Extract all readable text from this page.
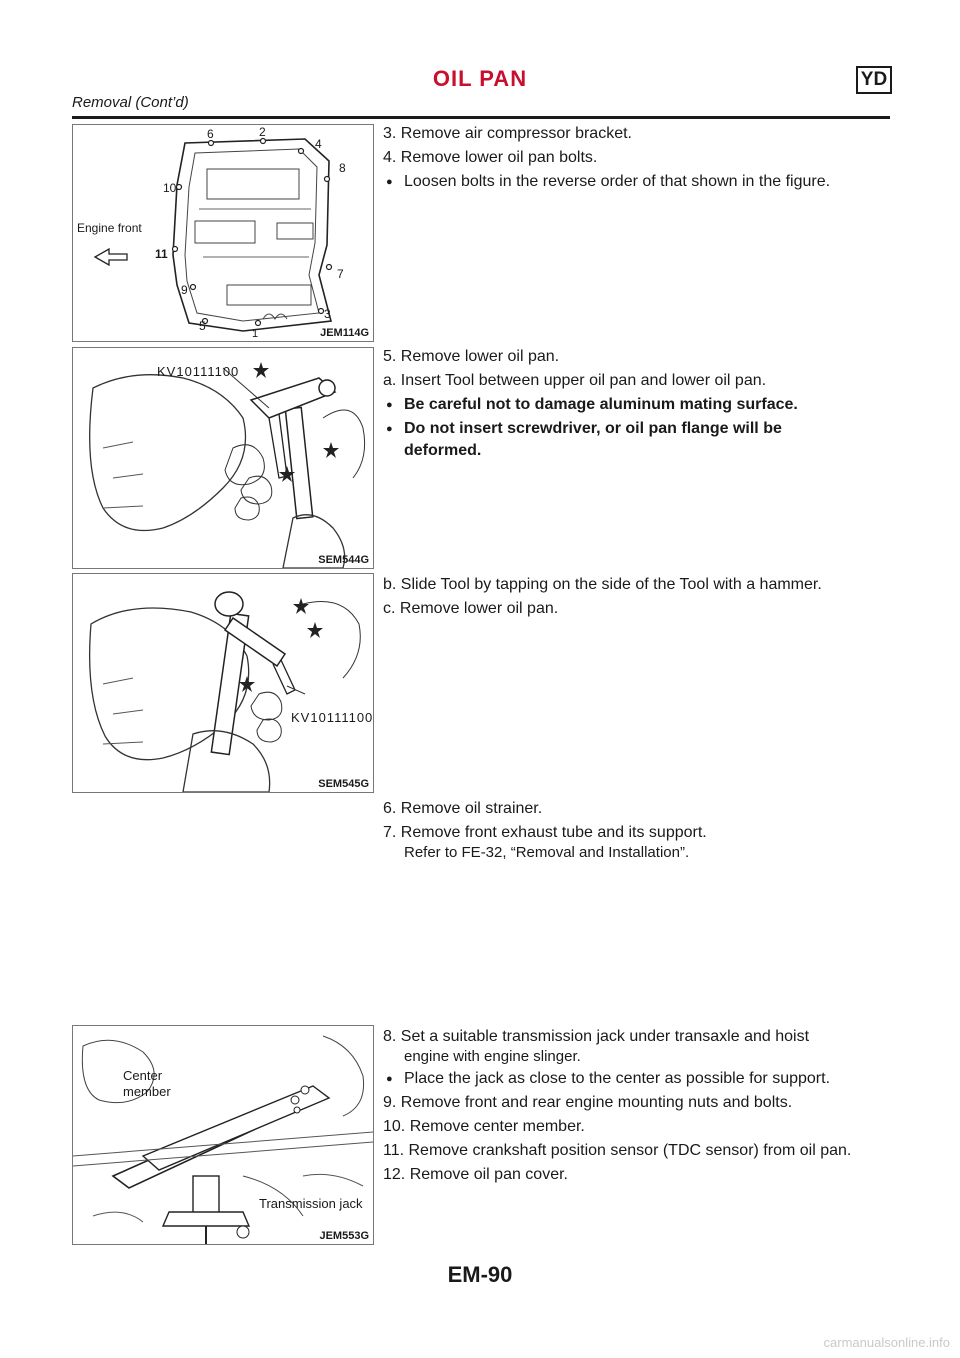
OIL PAN	YD
Removal (Cont’d)
Engine front
1
2
3
4
5
6
7
8
9
10
11
JEM114G
KV10111100
SEM544G
KV10111100
SEM545G
Center
member
Transmission jack
JEM553G
3. Remove air compressor bracket.
4. Remove lower oil pan bolts.
● Loosen bolts in the reverse order of that shown in the figure.
5. Remove lower oil pan.
a. Insert Tool between upper oil pan and lower oil pan.
● Be careful not to damage aluminum mating surface.
● Do not insert screwdriver, or oil pan flange will be
deformed.
b. Slide Tool by tapping on the side of the Tool with a hammer.
c. Remove lower oil pan.
6. Remove oil strainer.
7. Remove front exhaust tube and its support.
Refer to FE-32, “Removal and Installation”.
8. Set a suitable transmission jack under transaxle and hoist
engine with engine slinger.
● Place the jack as close to the center as possible for support.
9. Remove front and rear engine mounting nuts and bolts.
10. Remove center member.
11. Remove crankshaft position sensor (TDC sensor) from oil pan.
12. Remove oil pan cover.
EM-90
carmanualsonline.info
